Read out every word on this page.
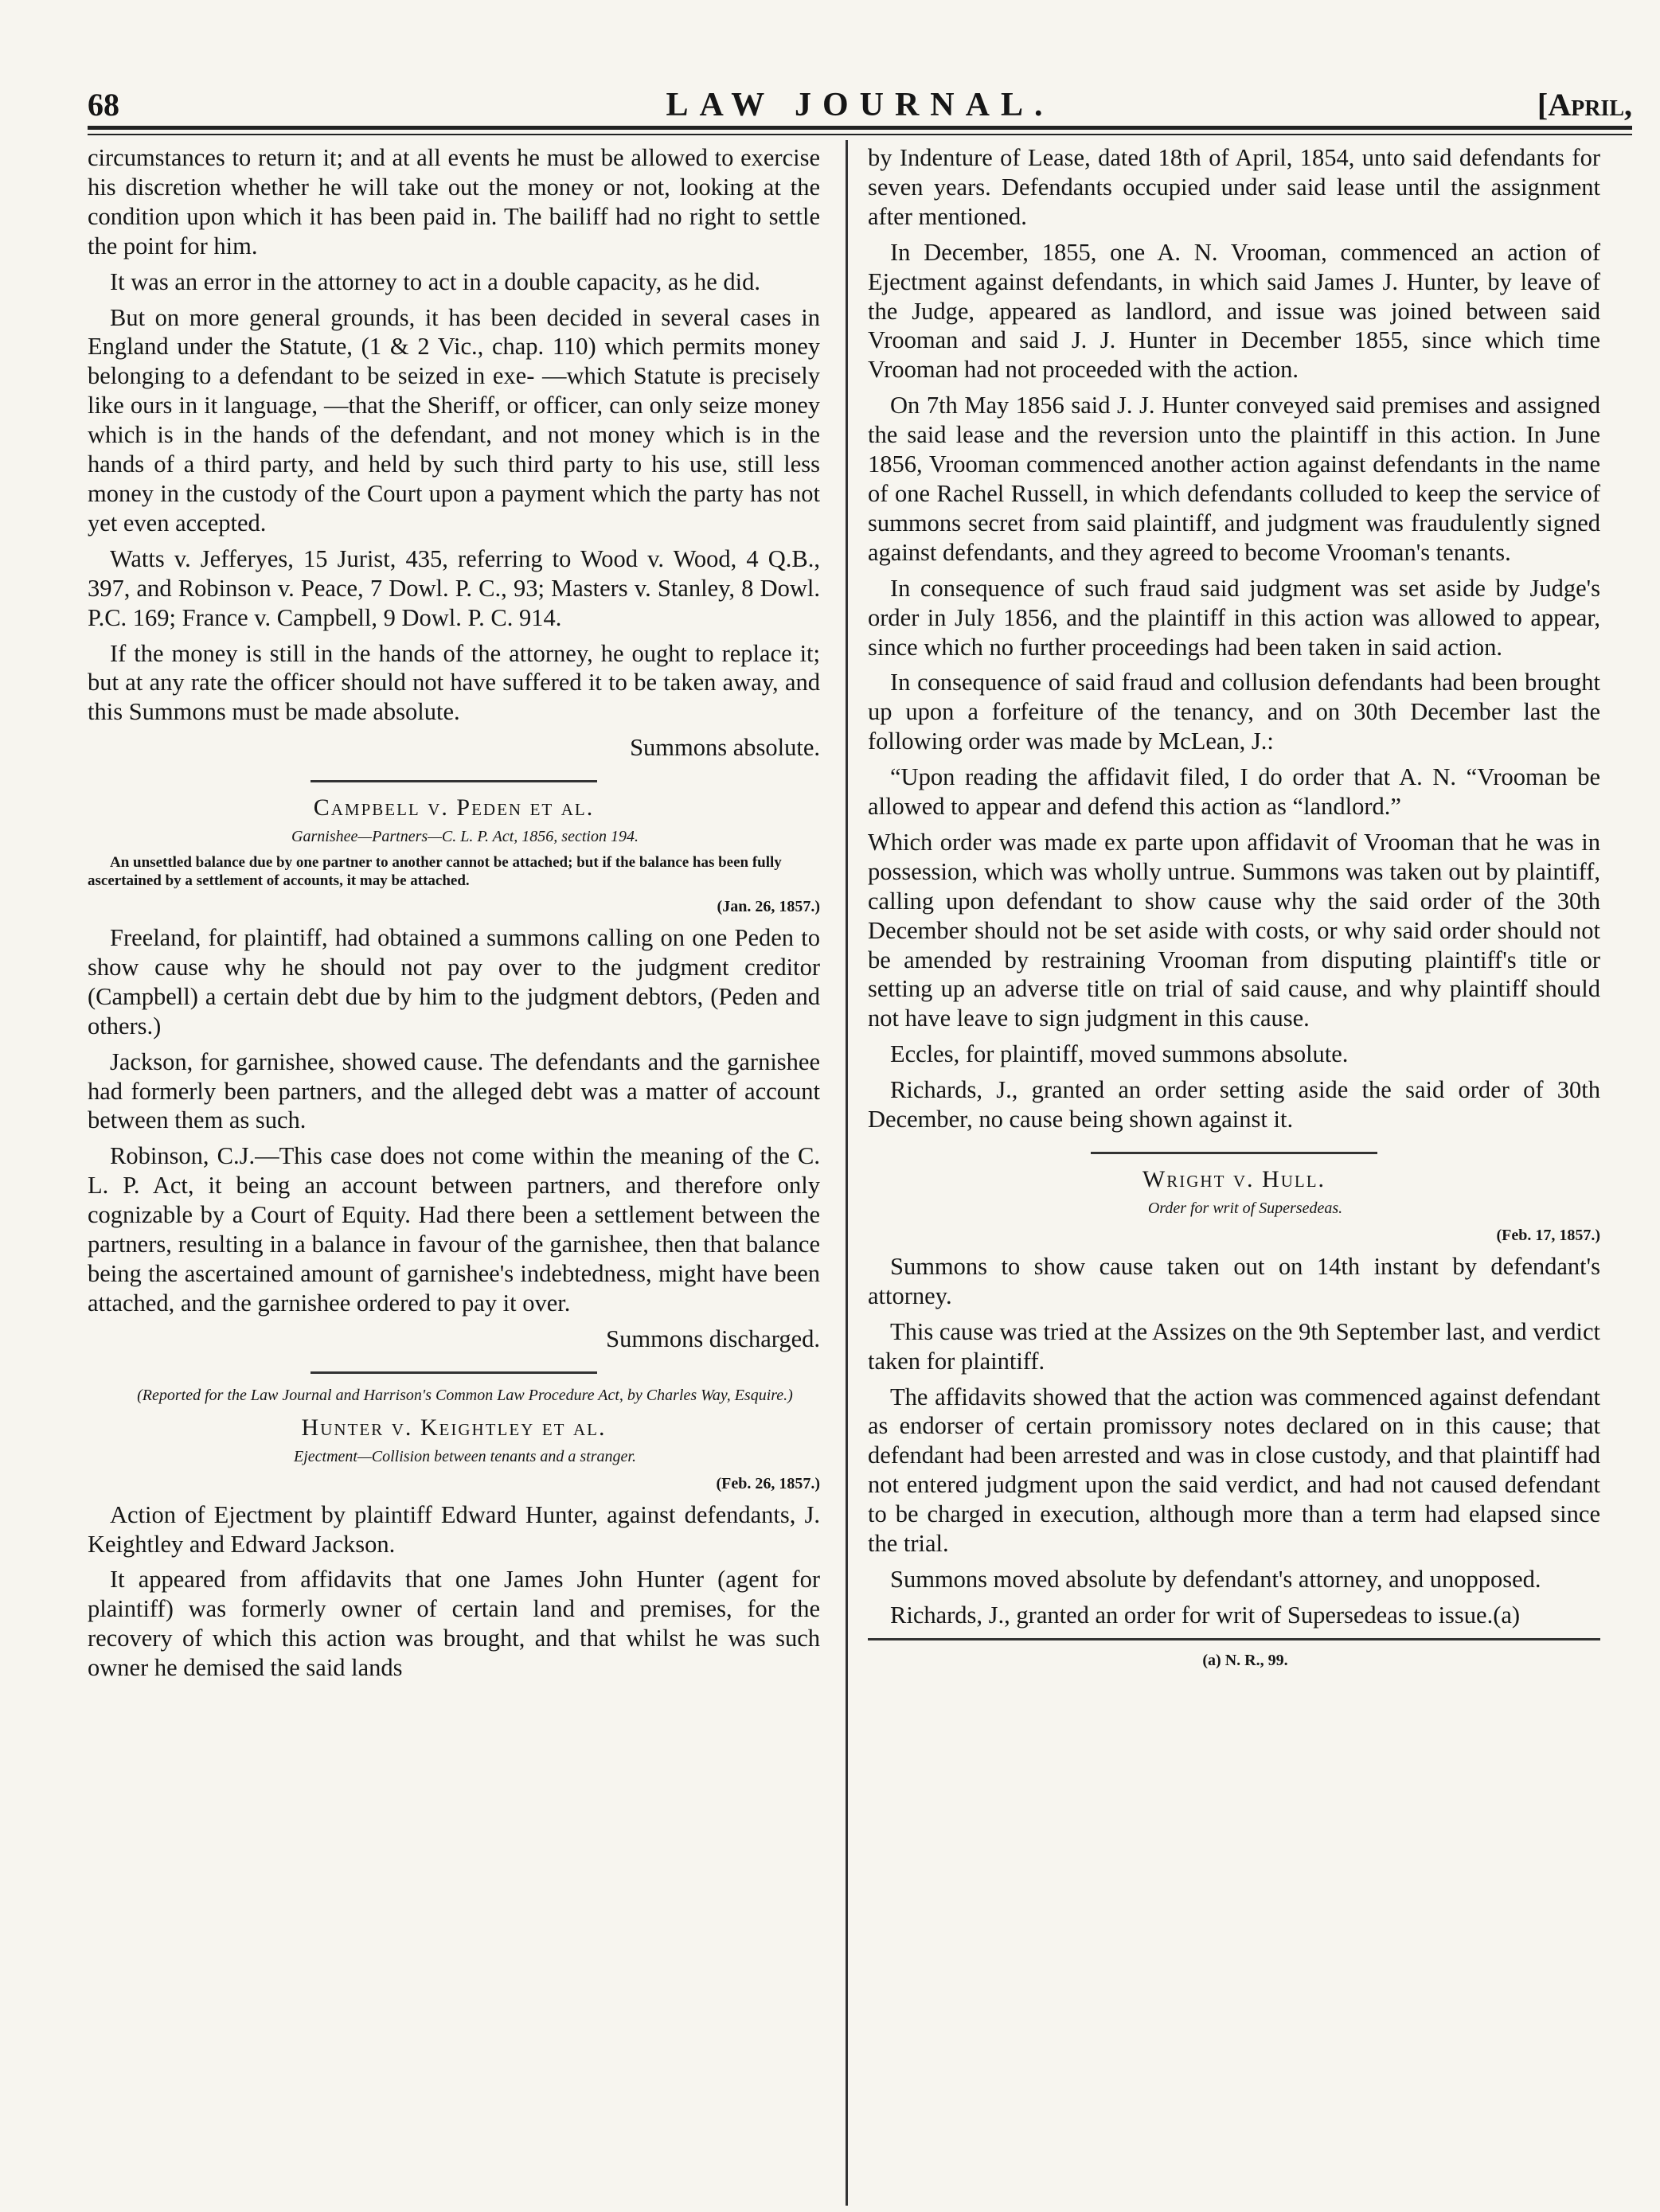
68	LAW JOURNAL.	[April,

circumstances to return it; and at all events he must be allowed to exercise his discretion whether he will take out the money or not, looking at the condition upon which it has been paid in. The bailiff had no right to settle the point for him.

It was an error in the attorney to act in a double capacity, as he did.

But on more general grounds, it has been decided in several cases in England under the Statute, (1 & 2 Vic., chap. 110) which permits money belonging to a defendant to be seized in exe- —which Statute is precisely like ours in it language, —that the Sheriff, or officer, can only seize money which is in the hands of the defendant, and not money which is in the hands of a third party, and held by such third party to his use, still less money in the custody of the Court upon a payment which the party has not yet even accepted.

Watts v. Jefferyes, 15 Jurist, 435, referring to Wood v. Wood, 4 Q.B., 397, and Robinson v. Peace, 7 Dowl. P. C., 93; Masters v. Stanley, 8 Dowl. P.C. 169; France v. Campbell, 9 Dowl. P. C. 914.

If the money is still in the hands of the attorney, he ought to replace it; but at any rate the officer should not have suffered it to be taken away, and this Summons must be made absolute.

Summons absolute.

Campbell v. Peden et al.

Garnishee—Partners—C. L. P. Act, 1856, section 194.

An unsettled balance due by one partner to another cannot be attached; but if the balance has been fully ascertained by a settlement of accounts, it may be attached.

(Jan. 26, 1857.)

Freeland, for plaintiff, had obtained a summons calling on one Peden to show cause why he should not pay over to the judgment creditor (Campbell) a certain debt due by him to the judgment debtors, (Peden and others.)

Jackson, for garnishee, showed cause. The defendants and the garnishee had formerly been partners, and the alleged debt was a matter of account between them as such.

Robinson, C.J.—This case does not come within the meaning of the C. L. P. Act, it being an account between partners, and therefore only cognizable by a Court of Equity. Had there been a settlement between the partners, resulting in a balance in favour of the garnishee, then that balance being the ascertained amount of garnishee's indebtedness, might have been attached, and the garnishee ordered to pay it over.

Summons discharged.

(Reported for the Law Journal and Harrison's Common Law Procedure Act, by Charles Way, Esquire.)

Hunter v. Keightley et al.

Ejectment—Collision between tenants and a stranger.

(Feb. 26, 1857.)

Action of Ejectment by plaintiff Edward Hunter, against defendants, J. Keightley and Edward Jackson.

It appeared from affidavits that one James John Hunter (agent for plaintiff) was formerly owner of certain land and premises, for the recovery of which this action was brought, and that whilst he was such owner he demised the said lands

by Indenture of Lease, dated 18th of April, 1854, unto said defendants for seven years. Defendants occupied under said lease until the assignment after mentioned.

In December, 1855, one A. N. Vrooman, commenced an action of Ejectment against defendants, in which said James J. Hunter, by leave of the Judge, appeared as landlord, and issue was joined between said Vrooman and said J. J. Hunter in December 1855, since which time Vrooman had not proceeded with the action.

On 7th May 1856 said J. J. Hunter conveyed said premises and assigned the said lease and the reversion unto the plaintiff in this action. In June 1856, Vrooman commenced another action against defendants in the name of one Rachel Russell, in which defendants colluded to keep the service of summons secret from said plaintiff, and judgment was fraudulently signed against defendants, and they agreed to become Vrooman's tenants.

In consequence of such fraud said judgment was set aside by Judge's order in July 1856, and the plaintiff in this action was allowed to appear, since which no further proceedings had been taken in said action.

In consequence of said fraud and collusion defendants had been brought up upon a forfeiture of the tenancy, and on 30th December last the following order was made by McLean, J.:

“Upon reading the affidavit filed, I do order that A. N. “Vrooman be allowed to appear and defend this action as “landlord.”

Which order was made ex parte upon affidavit of Vrooman that he was in possession, which was wholly untrue. Summons was taken out by plaintiff, calling upon defendant to show cause why the said order of the 30th December should not be set aside with costs, or why said order should not be amended by restraining Vrooman from disputing plaintiff's title or setting up an adverse title on trial of said cause, and why plaintiff should not have leave to sign judgment in this cause.

Eccles, for plaintiff, moved summons absolute.

Richards, J., granted an order setting aside the said order of 30th December, no cause being shown against it.

Wright v. Hull.

Order for writ of Supersedeas.

(Feb. 17, 1857.)

Summons to show cause taken out on 14th instant by defendant's attorney.

This cause was tried at the Assizes on the 9th September last, and verdict taken for plaintiff.

The affidavits showed that the action was commenced against defendant as endorser of certain promissory notes declared on in this cause; that defendant had been arrested and was in close custody, and that plaintiff had not entered judgment upon the said verdict, and had not caused defendant to be charged in execution, although more than a term had elapsed since the trial.

Summons moved absolute by defendant's attorney, and unopposed.

Richards, J., granted an order for writ of Supersedeas to issue.(a)

(a) N. R., 99.
